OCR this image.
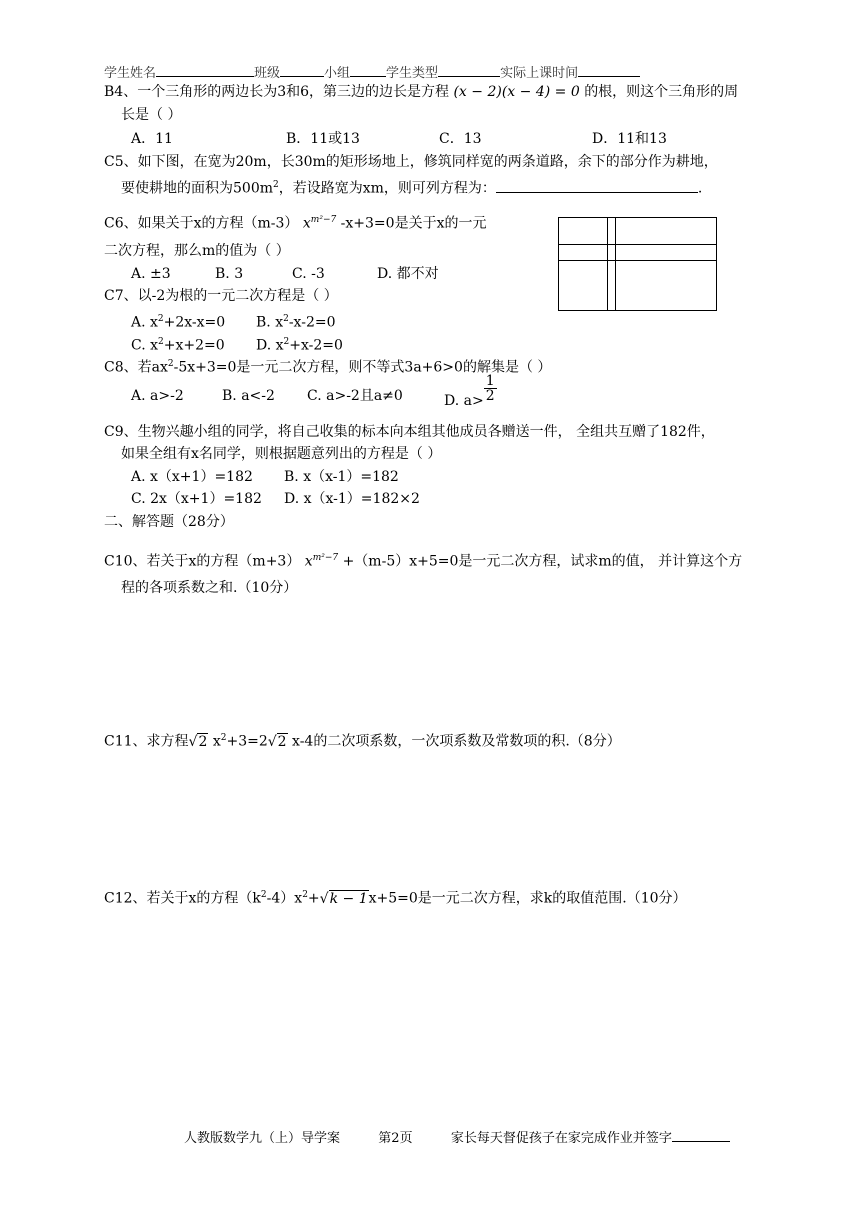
学生姓名	班级	小组	学生类型	实际上课时间
B4、一个三角形的两边长为3和6，第三边的边长是方程 (x − 2)(x − 4) = 0 的根，则这个三角形的周
长是（ ）
A．11	B．11或13	C．13	D．11和13
C5、如下图，在宽为20m，长30m的矩形场地上，修筑同样宽的两条道路，余下的部分作为耕地，
要使耕地的面积为$500m^2$，若设路宽为xm，则可列方程为：	.
C6、如果关于x的方程（m-3） $x^{m^2-7}$ -x+3=0是关于x的一元
二次方程，那么m的值为（ ）
A. ±3	B. 3	C. -3	D. 都不对
C7、以-2为根的一元二次方程是（ ）
A. $x^2+2x-x=0$ B. $x^2-x-2=0$
C. $x^2+x+2=0$ D. $x^2+x-2=0$
C8、若$ax^2-5x+3=0$是一元二次方程，则不等式3a+6>0的解集是（ ）
A. a>-2	B. a<-2 C. a>-2且a≠0	D. $a> \frac{1}{2}$
C9、生物兴趣小组的同学，将自己收集的标本向本组其他成员各赠送一件， 全组共互赠了182件，
如果全组有x名同学，则根据题意列出的方程是（ ）
A. x（x+1）=182 B. x（x-1）=182
C. 2x（x+1）=182 D. x（x-1）=182×2
二、解答题（28分）
C10、若关于x的方程（m+3） $x^{m^2-7} +(m-5)x+5=0$是一元二次方程，试求m的值， 并计算这个方
程的各项系数之和.（10分）
C11、求方程√2 $x^2+3=2√2$ x-4的二次项系数，一次项系数及常数项的积.（8分）
C12、若关于x的方程$(k^2-4)x^2+√k - 1x+5=0$是一元二次方程，求k的取值范围.（10分）
人教版数学九（上）导学案	第2页	家长每天督促孩子在家完成作业并签字
